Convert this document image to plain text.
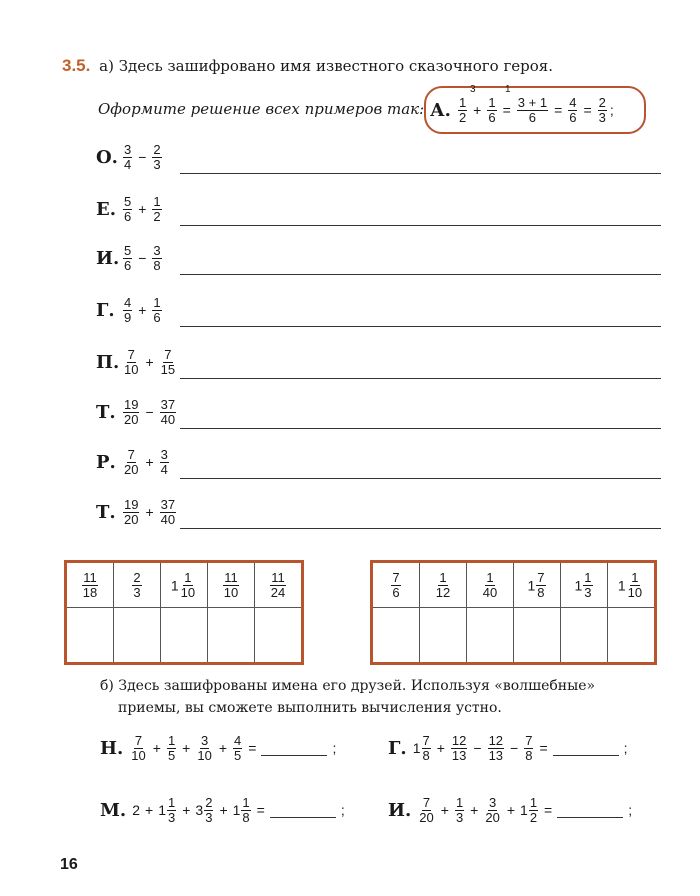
3.5. а) Здесь зашифровано имя известного сказочного героя.
Оформите решение всех примеров так: А. $\frac{1}{2} + \frac{1}{6} = \frac{3 + 1}{6} = \frac{4}{6} = \frac{2}{3}$ ;
3	1
О. $\frac{3}{4} - \frac{2}{3}$
Е. $\frac{5}{6} + \frac{1}{2}$
И. $\frac{5}{6} - \frac{3}{8}$
Г. $\frac{4}{9} + \frac{1}{6}$
П. $\frac{7}{10} + \frac{7}{15}$
Т. $\frac{19}{20} - \frac{37}{40}$
Р. $\frac{7}{20} + \frac{3}{4}$
Т. $\frac{19}{20} + \frac{37}{40}$
$\frac{11}{18}$	$\frac{2}{3}$	$1 \frac{1}{10}$	$\frac{11}{10}$	$\frac{11}{24}$

					$\frac{7}{6}$	$\frac{1}{12}$	$\frac{1}{40}$	$1 \frac{7}{8}$	$1 \frac{1}{3}$	$1 \frac{1}{10}$

б) Здесь зашифрованы имена его друзей. Используя «волшебные»
приемы, вы сможете выполнить вычисления устно.
Н. $\frac{7}{10} + \frac{1}{5} + \frac{3}{10} + \frac{4}{5}$ =	;	Г. $1 \frac{7}{8} + \frac{12}{13} - \frac{12}{13} - \frac{7}{8}$ =	;
М. $2 + 1 \frac{1}{3} + 3 \frac{2}{3} + 1 \frac{1}{8}$ =	; И. $\frac{7}{20} + \frac{1}{3} + \frac{3}{20} + 1 \frac{1}{2}$ =	;
16
